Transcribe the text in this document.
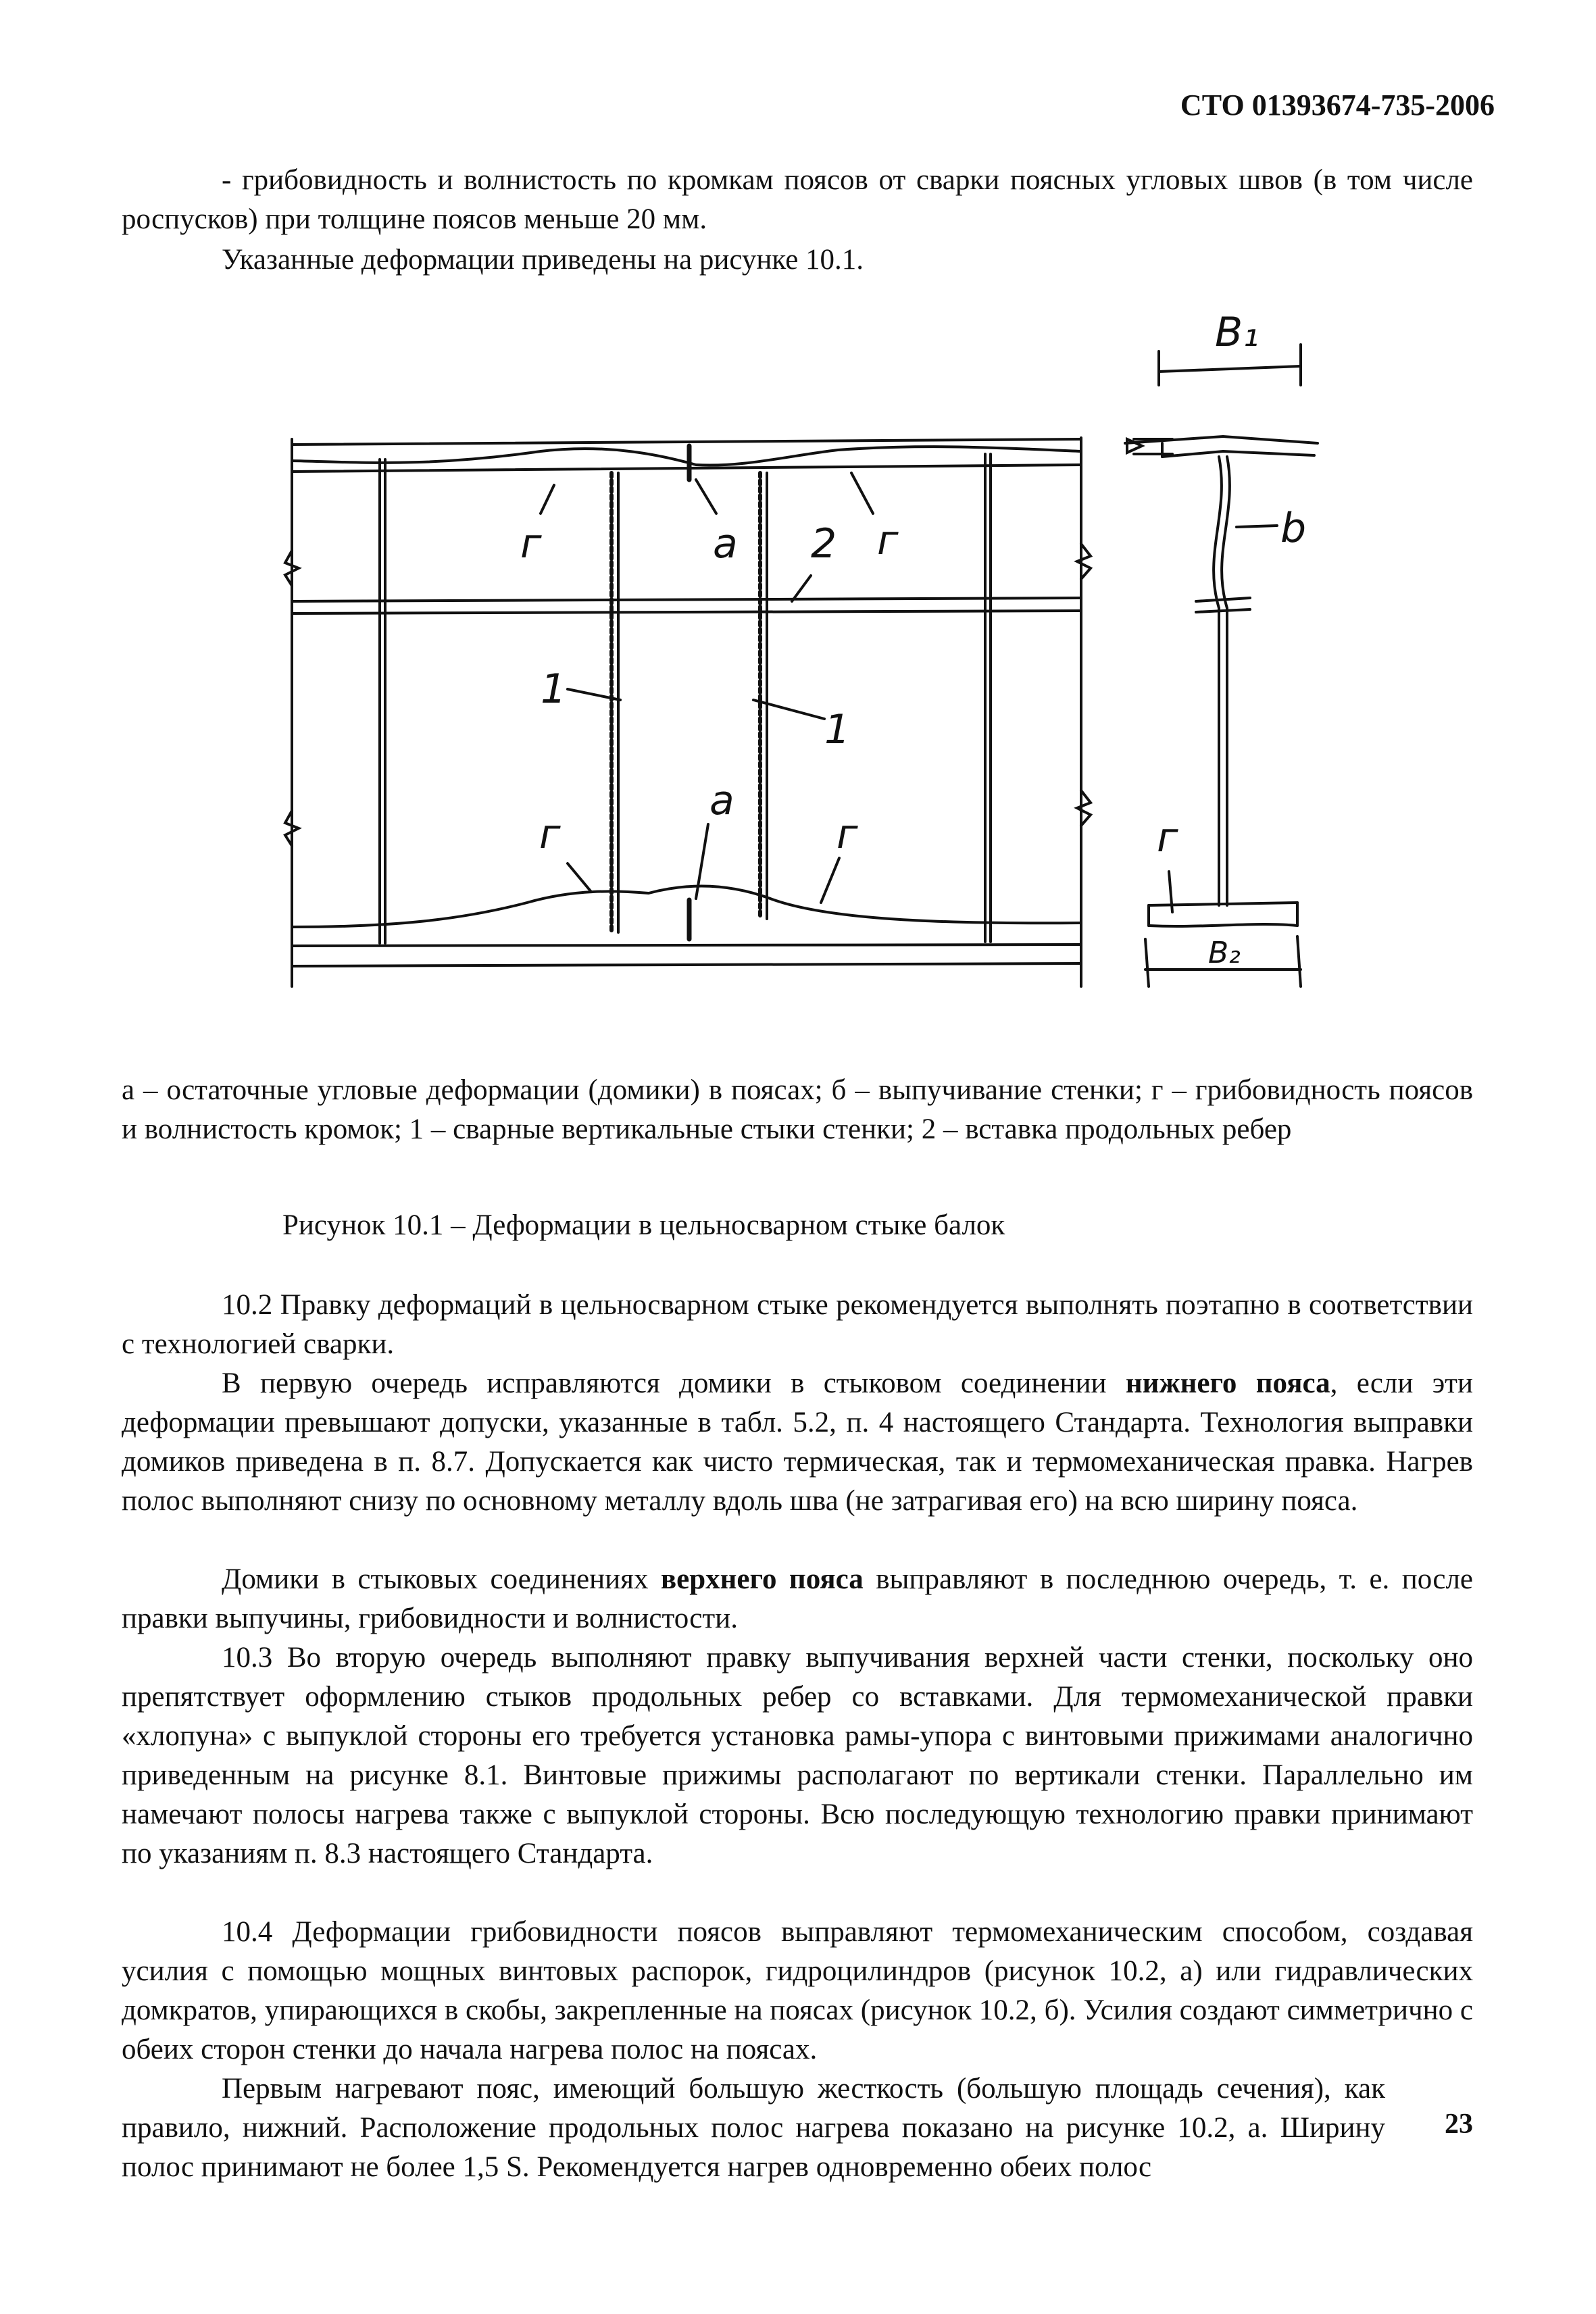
СТО 01393674-735-2006
- грибовидность и волнистость по кромкам поясов от сварки поясных угловых швов (в том числе роспусков) при толщине поясов меньше 20 мм.
Указанные деформации приведены на рисунке 10.1.
г	a 2 г
1
1
a
г	г
B₁
b
г
B₂
а – остаточные угловые деформации (домики) в поясах; б – выпучивание стенки; г – грибовидность поясов и волнистость кромок; 1 – сварные вертикальные стыки стенки; 2 – вставка продольных ребер
Рисунок 10.1 – Деформации в цельносварном стыке балок
10.2 Правку деформаций в цельносварном стыке рекомендуется выполнять поэтапно в соответствии с технологией сварки.
В первую очередь исправляются домики в стыковом соединении нижнего пояса, если эти деформации превышают допуски, указанные в табл. 5.2, п. 4 настоящего Стандарта. Технология выправки домиков приведена в п. 8.7. Допускается как чисто термическая, так и термомеханическая правка. Нагрев полос выполняют снизу по основному металлу вдоль шва (не затрагивая его) на всю ширину пояса.
Домики в стыковых соединениях верхнего пояса выправляют в последнюю очередь, т. е. после правки выпучины, грибовидности и волнистости.
10.3 Во вторую очередь выполняют правку выпучивания верхней части стенки, поскольку оно препятствует оформлению стыков продольных ребер со вставками. Для термомеханической правки «хлопуна» с выпуклой стороны его требуется установка рамы-упора с винтовыми прижимами аналогично приведенным на рисунке 8.1. Винтовые прижимы располагают по вертикали стенки. Параллельно им намечают полосы нагрева также с выпуклой стороны. Всю последующую технологию правки принимают по указаниям п. 8.3 настоящего Стандарта.
10.4 Деформации грибовидности поясов выправляют термомеханическим способом, создавая усилия с помощью мощных винтовых распорок, гидроцилиндров (рисунок 10.2, а) или гидравлических домкратов, упирающихся в скобы, закрепленные на поясах (рисунок 10.2, б). Усилия создают симметрично с обеих сторон стенки до начала нагрева полос на поясах.
Первым нагревают пояс, имеющий большую жесткость (большую площадь сечения), как правило, нижний. Расположение продольных полос нагрева показано на рисунке 10.2, а. Ширину полос принимают не более 1,5 S. Рекомендуется нагрев одновременно обеих полос
23
